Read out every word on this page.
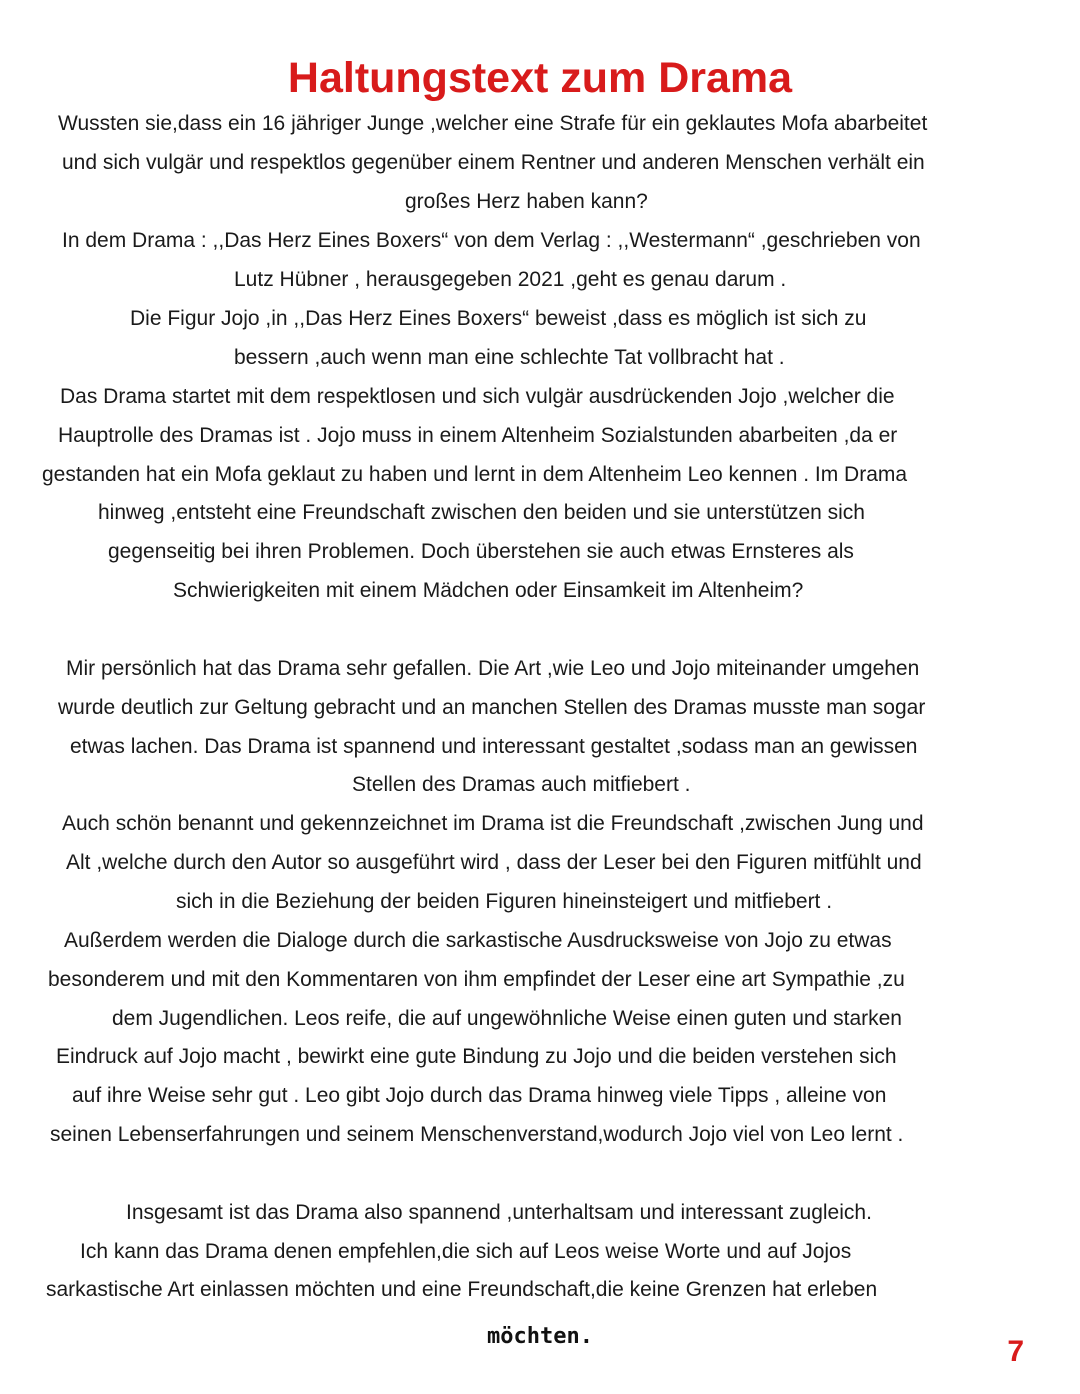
Haltungstext zum Drama
Wussten sie,dass ein 16 jähriger Junge ,welcher eine Strafe für ein geklautes Mofa abarbeitet
und sich vulgär und respektlos gegenüber einem Rentner und anderen Menschen verhält ein
großes Herz haben kann?
In dem Drama : ,,Das Herz Eines Boxers“ von dem Verlag : ,,Westermann“ ,geschrieben von
Lutz Hübner , herausgegeben 2021 ,geht es genau darum .
Die Figur Jojo ,in ,,Das Herz Eines Boxers“ beweist ,dass es möglich ist sich zu
bessern ,auch wenn man eine schlechte Tat vollbracht hat .
Das Drama startet mit dem respektlosen und sich vulgär ausdrückenden Jojo ,welcher die
Hauptrolle des Dramas ist . Jojo muss in einem Altenheim Sozialstunden abarbeiten ,da er
gestanden hat ein Mofa geklaut zu haben und lernt in dem Altenheim Leo kennen . Im Drama
hinweg ,entsteht eine Freundschaft zwischen den beiden und sie unterstützen sich
gegenseitig bei ihren Problemen. Doch überstehen sie auch etwas Ernsteres als
Schwierigkeiten mit einem Mädchen oder Einsamkeit im Altenheim?
Mir persönlich hat das Drama sehr gefallen. Die Art ,wie Leo und Jojo miteinander umgehen
wurde deutlich zur Geltung gebracht und an manchen Stellen des Dramas musste man sogar
etwas lachen. Das Drama ist spannend und interessant gestaltet ,sodass man an gewissen
Stellen des Dramas auch mitfiebert .
Auch schön benannt und gekennzeichnet im Drama ist die Freundschaft ,zwischen Jung und
Alt ,welche durch den Autor so ausgeführt wird , dass der Leser bei den Figuren mitfühlt und
sich in die Beziehung der beiden Figuren hineinsteigert und mitfiebert .
Außerdem werden die Dialoge durch die sarkastische Ausdrucksweise von Jojo zu etwas
besonderem und mit den Kommentaren von ihm empfindet der Leser eine art Sympathie ,zu
dem Jugendlichen. Leos reife, die auf ungewöhnliche Weise einen guten und starken
Eindruck auf Jojo macht , bewirkt eine gute Bindung zu Jojo und die beiden verstehen sich
auf ihre Weise sehr gut . Leo gibt Jojo durch das Drama hinweg viele Tipps , alleine von
seinen Lebenserfahrungen und seinem Menschenverstand,wodurch Jojo viel von Leo lernt .
Insgesamt ist das Drama also spannend ,unterhaltsam und interessant zugleich.
Ich kann das Drama denen empfehlen,die sich auf Leos weise Worte und auf Jojos
sarkastische Art einlassen möchten und eine Freundschaft,die keine Grenzen hat erleben
möchten.	7
